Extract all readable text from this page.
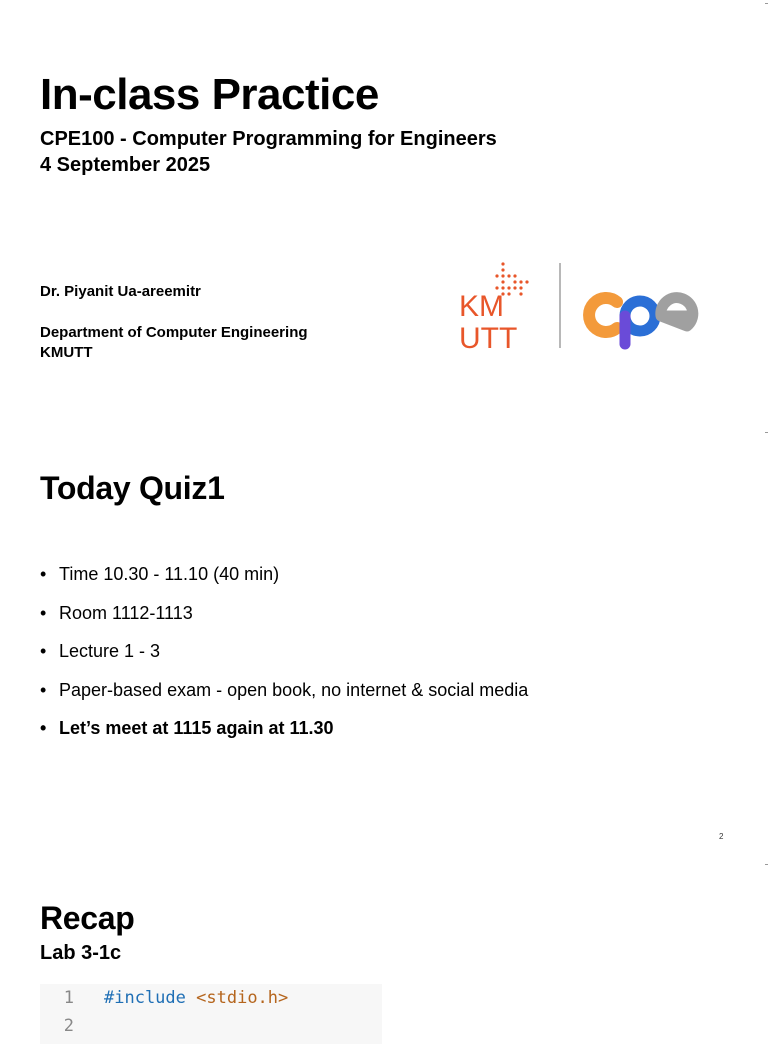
In-class Practice
CPE100 - Computer Programming for Engineers
4 September 2025
Dr. Piyanit Ua-areemitr
Department of Computer Engineering
KMUTT
KM
UTT
Today Quiz1
• Time 10.30 - 11.10 (40 min)
• Room 1112-1113
• Lecture 1 - 3
• Paper-based exam - open book, no internet & social media
• Let’s meet at 1115 again at 11.30
2
Recap
Lab 3-1c
1 #include <stdio.h>
2
